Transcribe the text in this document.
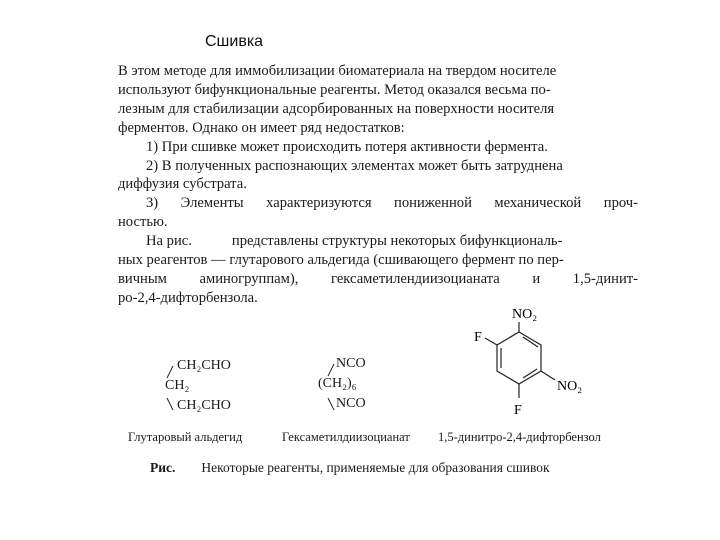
Сшивка
В этом методе для иммобилизации биоматериала на твердом носителе
используют бифункциональные реагенты. Метод оказался весьма по-
лезным для стабилизации адсорбированных на поверхности носителя
ферментов. Однако он имеет ряд недостатков:
1) При сшивке может происходить потеря активности фермента.
2) В полученных распознающих элементах может быть затруднена
диффузия субстрата.
3) Элементы характеризуются пониженной механической проч-
ностью.
На рис.	представлены структуры некоторых бифункциональ-
ных реагентов — глутарового альдегида (сшивающего фермент по пер-
вичным аминогруппам), гексаметилендиизоцианата и 1,5-динит-
ро-2,4-дифторбензола.
CH₂CHO
CH₂
CH₂CHO
NCO
(CH₂)₆
NCO
NO₂
F
NO₂
F
Глутаровый альдегид	Гексаметилдиизоцианат 1,5-динитро-2,4-дифторбензол
Рис. Некоторые реагенты, применяемые для образования сшивок
